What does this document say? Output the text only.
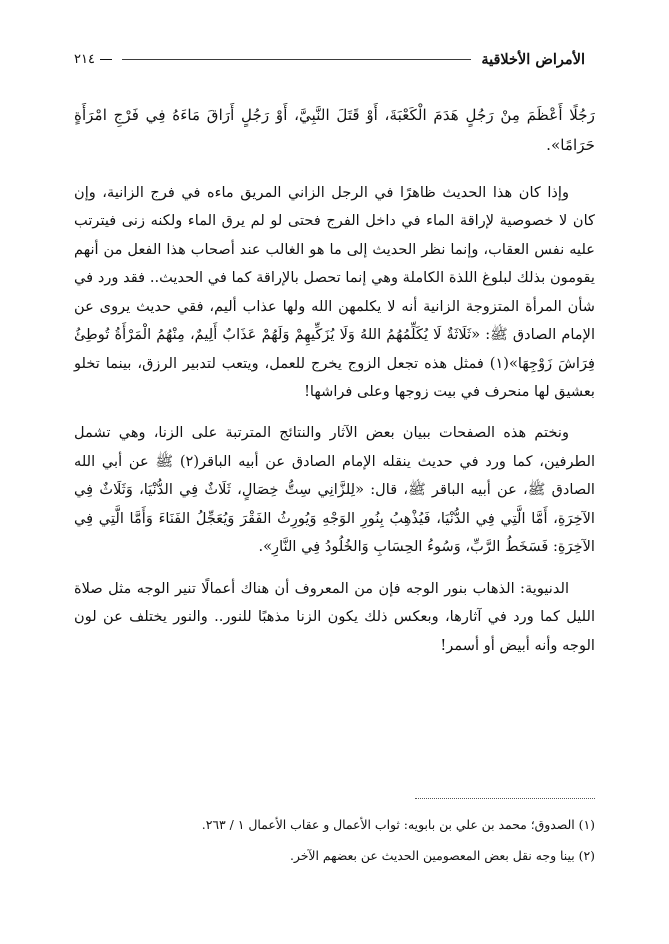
الأمراض الأخلاقية
٢١٤

رَجُلًا أَعْظَمَ مِنْ رَجُلٍ هَدَمَ الْكَعْبَةَ، أَوْ قَتَلَ النَّبِيَّ، أَوْ رَجُلٍ أَرَاقَ مَاءَهُ فِي فَرْجِ امْرَأَةٍ حَرَامًا».

وإذا كان هذا الحديث ظاهرًا في الرجل الزاني المريق ماءه في فرج الزانية، وإن كان لا خصوصية لإراقة الماء في داخل الفرج فحتى لو لم يرق الماء ولكنه زنى فيترتب عليه نفس العقاب، وإنما نظر الحديث إلى ما هو الغالب عند أصحاب هذا الفعل من أنهم يقومون بذلك لبلوغ اللذة الكاملة وهي إنما تحصل بالإراقة كما في الحديث.. فقد ورد في شأن المرأة المتزوجة الزانية أنه لا يكلمهن الله ولها عذاب أليم، فقي حديث يروى عن الإمام الصادق ﷺ: «ثَلَاثَةٌ لَا يُكَلِّمُهُمُ اللهُ وَلَا يُزَكِّيهِمْ وَلَهُمْ عَذَابٌ أَلِيمٌ، مِنْهُمُ الْمَرْأَةُ تُوطِئُ فِرَاشَ زَوْجِهَا»(١) فمثل هذه تجعل الزوج يخرج للعمل، ويتعب لتدبير الرزق، بينما تخلو بعشيق لها منحرف في بيت زوجها وعلى فراشها!

ونختم هذه الصفحات ببيان بعض الآثار والنتائج المترتبة على الزنا، وهي تشمل الطرفين، كما ورد في حديث ينقله الإمام الصادق عن أبيه الباقر(٢) ﷺ عن أبي الله الصادق ﷺ، عن أبيه الباقر ﷺ، قال: «لِلزَّانِي سِتُّ خِصَالٍ، ثَلَاثٌ فِي الدُّنْيَا، وَثَلَاثٌ فِي الآخِرَةِ، أَمَّا الَّتِي فِي الدُّنْيَا، فَيُذْهِبُ بِنُورِ الوَجْهِ وَيُورِثُ الفَقْرَ وَيُعَجِّلُ الفَنَاءَ وَأَمَّا الَّتِي فِي الآخِرَةِ: فَسَخَطُ الرَّبِّ، وَسُوءُ الحِسَابِ وَالخُلُودُ فِي النَّارِ».

الدنيوية: الذهاب بنور الوجه فإن من المعروف أن هناك أعمالًا تنير الوجه مثل صلاة الليل كما ورد في آثارها، وبعكس ذلك يكون الزنا مذهبًا للنور.. والنور يختلف عن لون الوجه وأنه أبيض أو أسمر!

(١) الصدوق؛ محمد بن علي بن بابويه: ثواب الأعمال و عقاب الأعمال ١ / ٢٦٣.

(٢) بينا وجه نقل بعض المعصومين الحديث عن بعضهم الآخر.
